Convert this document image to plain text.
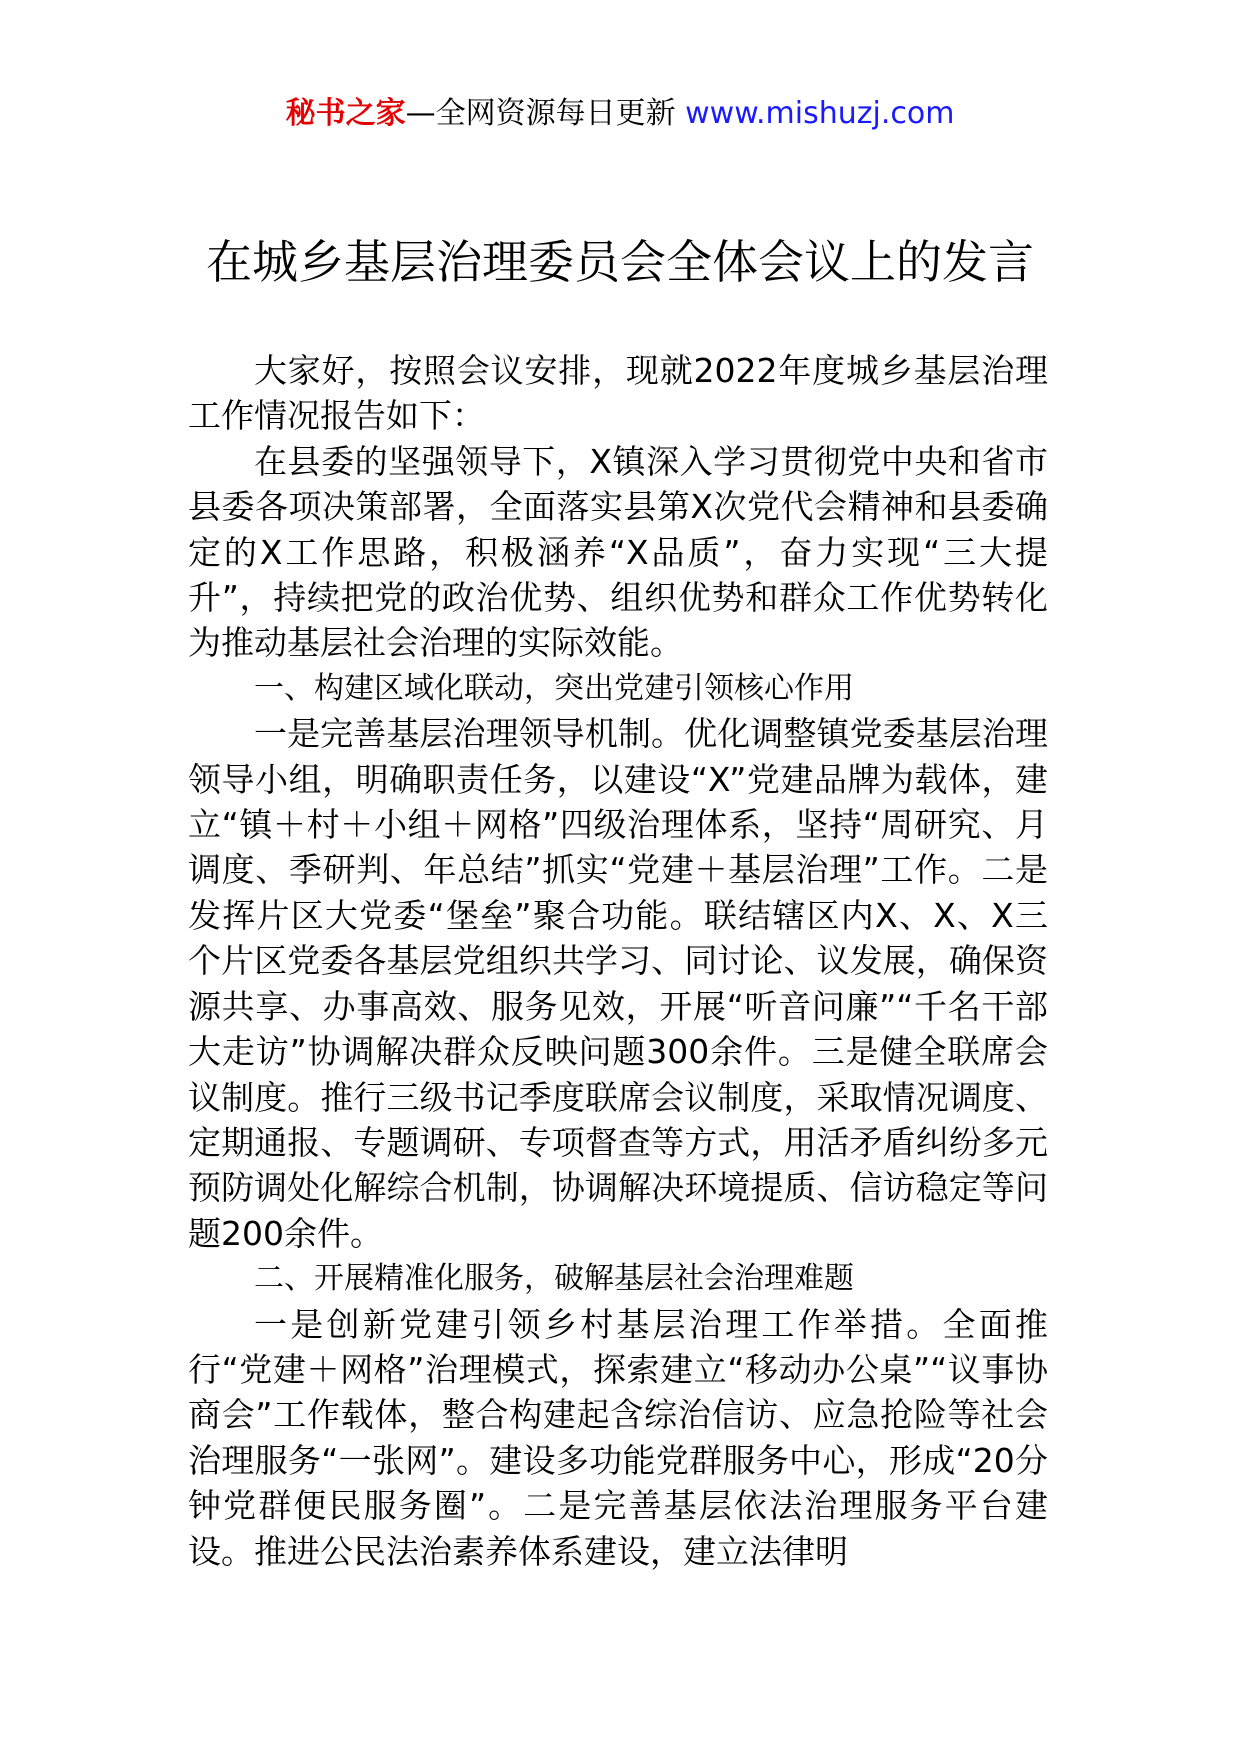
秘书之家—全网资源每日更新 www.mishuzj.com
在城乡基层治理委员会全体会议上的发言

大家好，按照会议安排，现就2022年度城乡基层治理工作情况报告如下：

在县委的坚强领导下，X镇深入学习贯彻党中央和省市县委各项决策部署，全面落实县第X次党代会精神和县委确定的X工作思路，积极涵养“X品质”，奋力实现“三大提升”，持续把党的政治优势、组织优势和群众工作优势转化为推动基层社会治理的实际效能。

一、构建区域化联动，突出党建引领核心作用

一是完善基层治理领导机制。优化调整镇党委基层治理领导小组，明确职责任务，以建设“X”党建品牌为载体，建立“镇＋村＋小组＋网格”四级治理体系，坚持“周研究、月调度、季研判、年总结”抓实“党建＋基层治理”工作。二是发挥片区大党委“堡垒”聚合功能。联结辖区内X、X、X三个片区党委各基层党组织共学习、同讨论、议发展，确保资源共享、办事高效、服务见效，开展“听音问廉”“千名干部大走访”协调解决群众反映问题300余件。三是健全联席会议制度。推行三级书记季度联席会议制度，采取情况调度、定期通报、专题调研、专项督查等方式，用活矛盾纠纷多元预防调处化解综合机制，协调解决环境提质、信访稳定等问题200余件。

二、开展精准化服务，破解基层社会治理难题

一是创新党建引领乡村基层治理工作举措。全面推行“党建＋网格”治理模式，探索建立“移动办公桌”“议事协商会”工作载体，整合构建起含综治信访、应急抢险等社会治理服务“一张网”。建设多功能党群服务中心，形成“20分钟党群便民服务圈”。二是完善基层依法治理服务平台建设。推进公民法治素养体系建设，建立法律明
